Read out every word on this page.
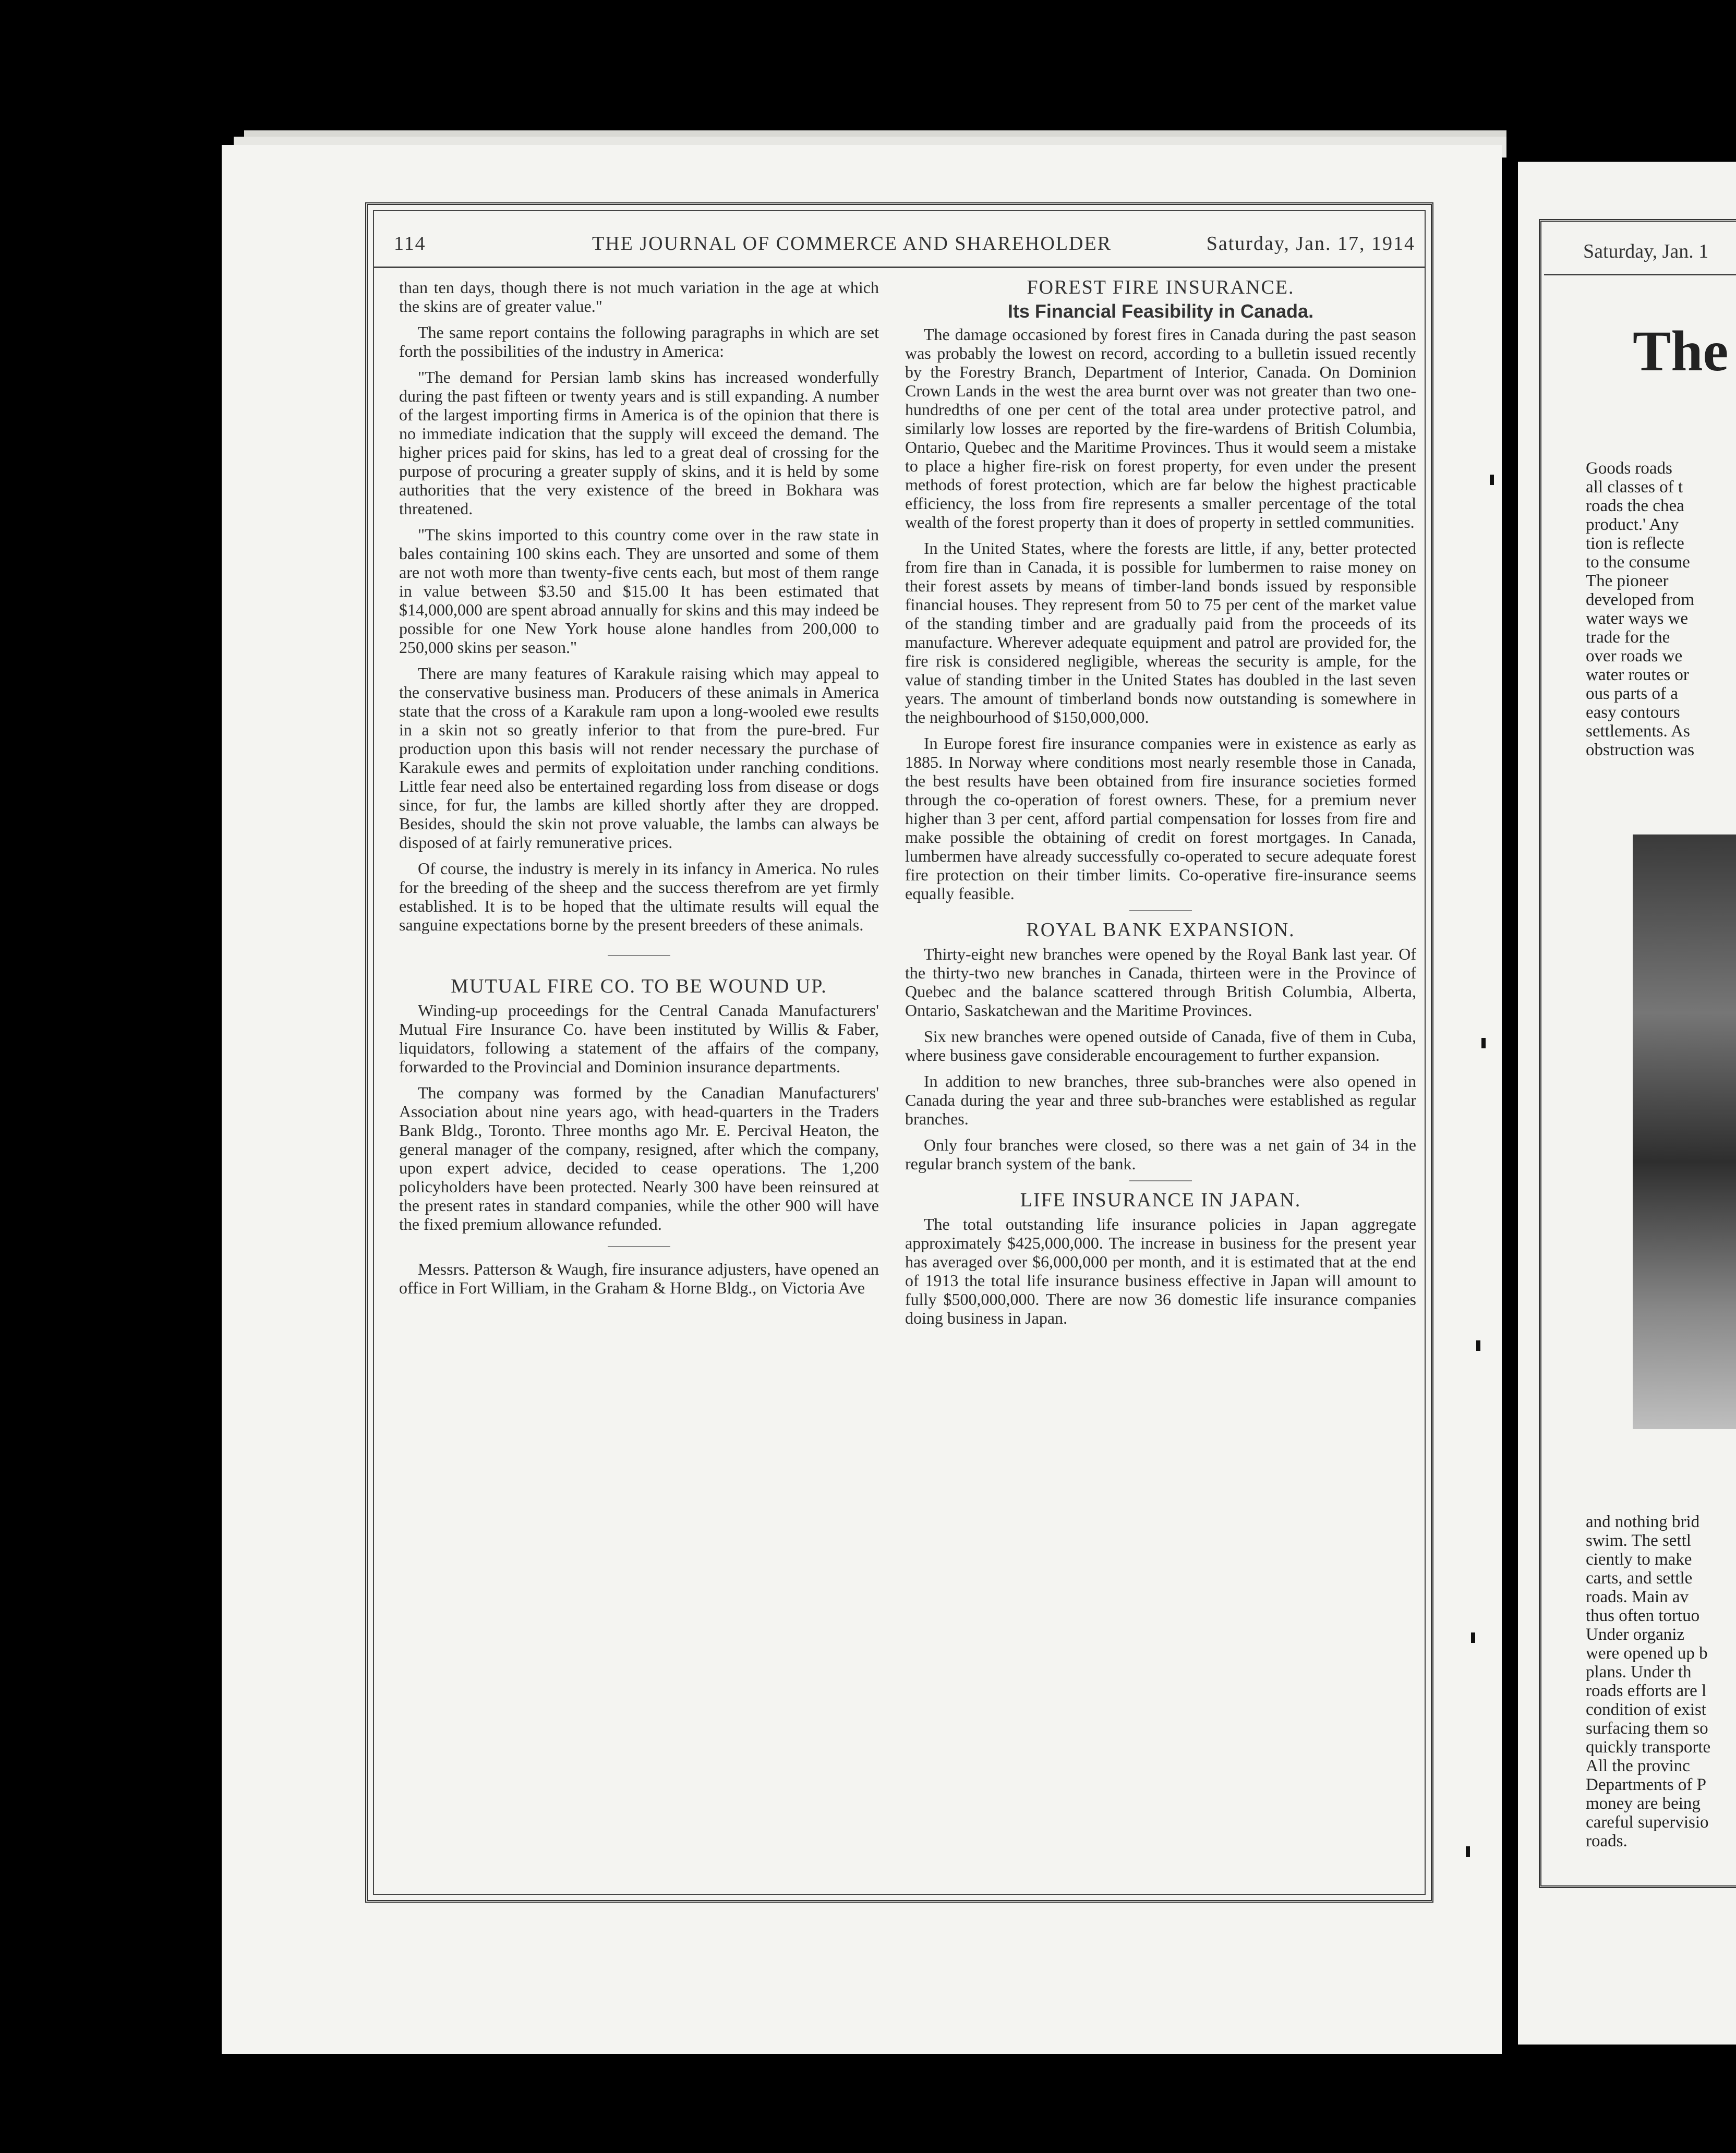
114	THE JOURNAL OF COMMERCE AND SHAREHOLDER	Saturday, Jan. 17, 1914

than ten days, though there is not much variation in the age at which the skins are of greater value."

The same report contains the following paragraphs in which are set forth the possibilities of the industry in America:

"The demand for Persian lamb skins has increased wonderfully during the past fifteen or twenty years and is still expanding. A number of the largest importing firms in America is of the opinion that there is no immediate indication that the supply will exceed the demand. The higher prices paid for skins, has led to a great deal of crossing for the purpose of procuring a greater supply of skins, and it is held by some authorities that the very existence of the breed in Bokhara was threatened.

"The skins imported to this country come over in the raw state in bales containing 100 skins each. They are unsorted and some of them are not woth more than twenty-five cents each, but most of them range in value between $3.50 and $15.00 It has been estimated that $14,000,000 are spent abroad annually for skins and this may indeed be possible for one New York house alone handles from 200,000 to 250,000 skins per season."

There are many features of Karakule raising which may appeal to the conservative business man. Producers of these animals in America state that the cross of a Karakule ram upon a long-wooled ewe results in a skin not so greatly inferior to that from the pure-bred. Fur production upon this basis will not render necessary the purchase of Karakule ewes and permits of exploitation under ranching conditions. Little fear need also be entertained regarding loss from disease or dogs since, for fur, the lambs are killed shortly after they are dropped. Besides, should the skin not prove valuable, the lambs can always be disposed of at fairly remunerative prices.

Of course, the industry is merely in its infancy in America. No rules for the breeding of the sheep and the success therefrom are yet firmly established. It is to be hoped that the ultimate results will equal the sanguine expectations borne by the present breeders of these animals.

MUTUAL FIRE CO. TO BE WOUND UP.

Winding-up proceedings for the Central Canada Manufacturers' Mutual Fire Insurance Co. have been instituted by Willis & Faber, liquidators, following a statement of the affairs of the company, forwarded to the Provincial and Dominion insurance departments.

The company was formed by the Canadian Manufacturers' Association about nine years ago, with head-quarters in the Traders Bank Bldg., Toronto. Three months ago Mr. E. Percival Heaton, the general manager of the company, resigned, after which the company, upon expert advice, decided to cease operations. The 1,200 policyholders have been protected. Nearly 300 have been reinsured at the present rates in standard companies, while the other 900 will have the fixed premium allowance refunded.

Messrs. Patterson & Waugh, fire insurance adjusters, have opened an office in Fort William, in the Graham & Horne Bldg., on Victoria Ave

FOREST FIRE INSURANCE.
Its Financial Feasibility in Canada.

The damage occasioned by forest fires in Canada during the past season was probably the lowest on record, according to a bulletin issued recently by the Forestry Branch, Department of Interior, Canada. On Dominion Crown Lands in the west the area burnt over was not greater than two one-hundredths of one per cent of the total area under protective patrol, and similarly low losses are reported by the fire-wardens of British Columbia, Ontario, Quebec and the Maritime Provinces. Thus it would seem a mistake to place a higher fire-risk on forest property, for even under the present methods of forest protection, which are far below the highest practicable efficiency, the loss from fire represents a smaller percentage of the total wealth of the forest property than it does of property in settled communities.

In the United States, where the forests are little, if any, better protected from fire than in Canada, it is possible for lumbermen to raise money on their forest assets by means of timber-land bonds issued by responsible financial houses. They represent from 50 to 75 per cent of the market value of the standing timber and are gradually paid from the proceeds of its manufacture. Wherever adequate equipment and patrol are provided for, the fire risk is considered negligible, whereas the security is ample, for the value of standing timber in the United States has doubled in the last seven years. The amount of timberland bonds now outstanding is somewhere in the neighbourhood of $150,000,000.

In Europe forest fire insurance companies were in existence as early as 1885. In Norway where conditions most nearly resemble those in Canada, the best results have been obtained from fire insurance societies formed through the co-operation of forest owners. These, for a premium never higher than 3 per cent, afford partial compensation for losses from fire and make possible the obtaining of credit on forest mortgages. In Canada, lumbermen have already successfully co-operated to secure adequate forest fire protection on their timber limits. Co-operative fire-insurance seems equally feasible.

ROYAL BANK EXPANSION.

Thirty-eight new branches were opened by the Royal Bank last year. Of the thirty-two new branches in Canada, thirteen were in the Province of Quebec and the balance scattered through British Columbia, Alberta, Ontario, Saskatchewan and the Maritime Provinces.

Six new branches were opened outside of Canada, five of them in Cuba, where business gave considerable encouragement to further expansion.

In addition to new branches, three sub-branches were also opened in Canada during the year and three sub-branches were established as regular branches.

Only four branches were closed, so there was a net gain of 34 in the regular branch system of the bank.

LIFE INSURANCE IN JAPAN.

The total outstanding life insurance policies in Japan aggregate approximately $425,000,000. The increase in business for the present year has averaged over $6,000,000 per month, and it is estimated that at the end of 1913 the total life insurance business effective in Japan will amount to fully $500,000,000. There are now 36 domestic life insurance companies doing business in Japan.

Saturday, Jan. 1
The

Goods roads

all classes of t

roads the chea

product.' Any

tion is reflecte

to the consume

The pioneer

developed from

water ways we

trade for the

over roads we

water routes or

ous parts of a

easy contours

settlements. As

obstruction was

and nothing brid

swim. The settl

ciently to make

carts, and settle

roads. Main av

thus often tortuo

Under organiz

were opened up b

plans. Under th

roads efforts are l

condition of exist

surfacing them so

quickly transporte

All the provinc

Departments of P

money are being

careful supervisio

roads.
